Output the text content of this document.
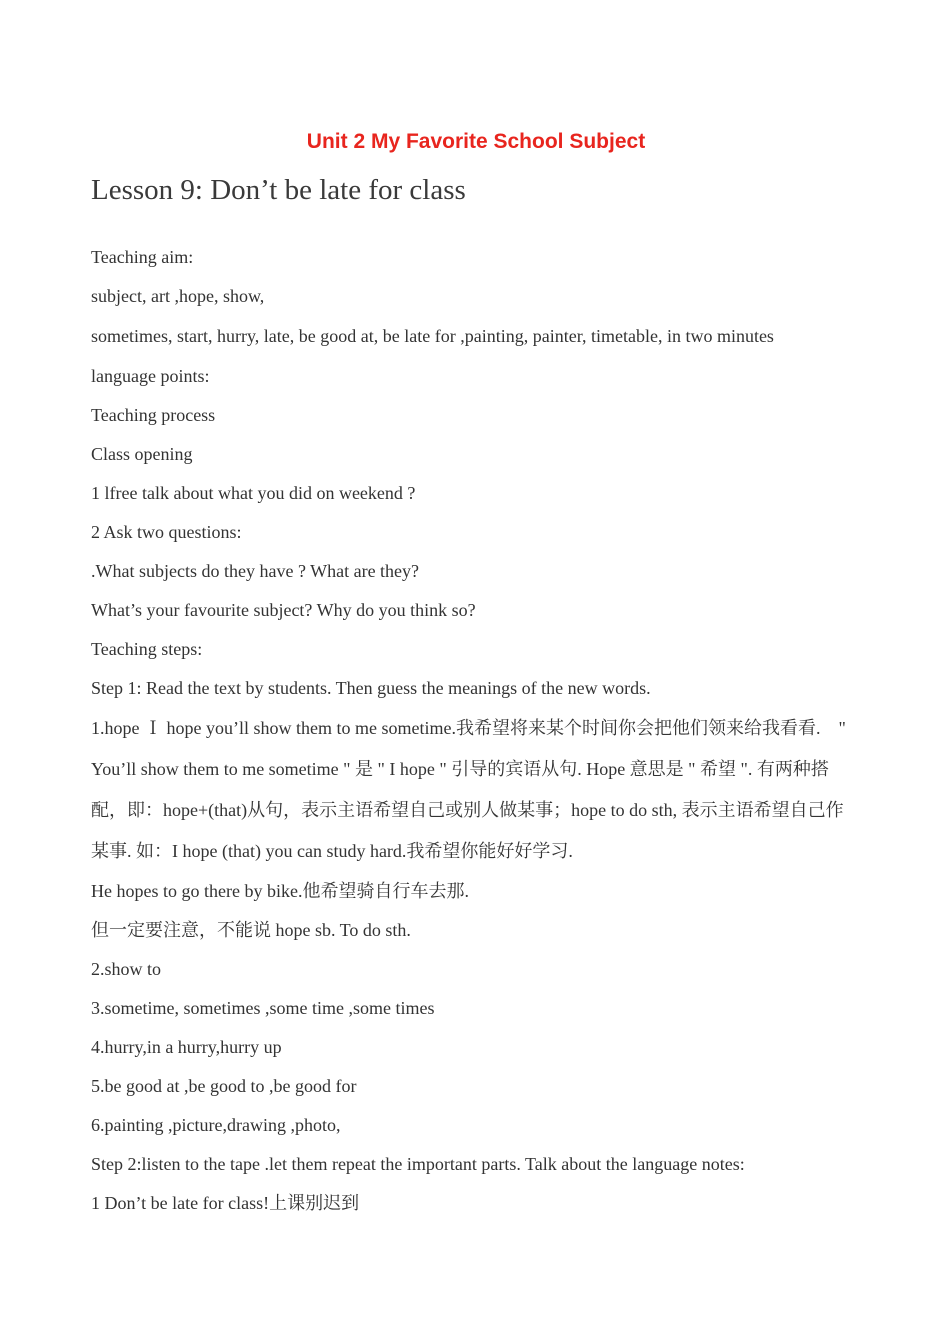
Unit 2 My Favorite School Subject
Lesson 9: Don’t be late for class
Teaching aim:
subject, art ,hope, show,
sometimes, start, hurry, late, be good at, be late for ,painting, painter, timetable, in two minutes
language points:
Teaching process
Class opening
1 lfree talk about what you did on weekend ?
2 Ask two questions:
.What subjects do they have ? What are they?
What’s your favourite subject? Why do you think so?
Teaching steps:
Step 1: Read the text by students. Then guess the meanings of the new words.
1.hope Ｉ hope you’ll show them to me sometime.我希望将来某个时间你会把他们领来给我看看.　" You’ll show them to me sometime " 是 " I hope " 引导的宾语从句. Hope 意思是 " 希望 ". 有两种搭配，即：hope+(that)从句，表示主语希望自己或别人做某事；hope to do sth, 表示主语希望自己作某事. 如：I hope (that) you can study hard.我希望你能好好学习.
He hopes to go there by bike.他希望骑自行车去那.
但一定要注意，不能说 hope sb. To do sth.
2.show to
3.sometime, sometimes ,some time ,some times
4.hurry,in a hurry,hurry up
5.be good at ,be good to ,be good for
6.painting ,picture,drawing ,photo,
Step 2:listen to the tape .let them repeat the important parts. Talk about the language notes:
1 Don’t be late for class!上课别迟到
